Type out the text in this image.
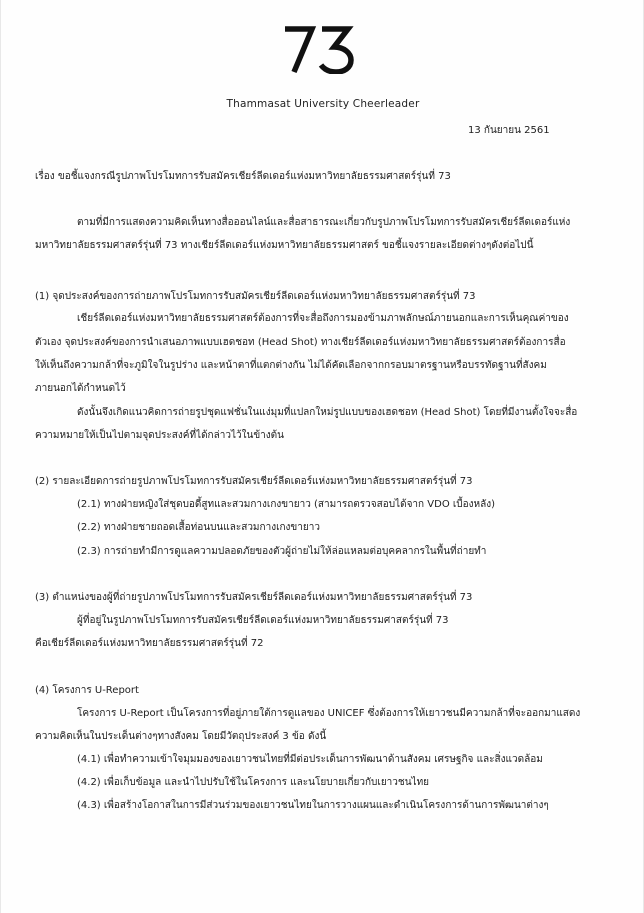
Thammasat University Cheerleader
13 กันยายน 2561
เรื่อง ขอชี้แจงกรณีรูปภาพโปรโมทการรับสมัครเชียร์ลีดเดอร์แห่งมหาวิทยาลัยธรรมศาสตร์รุ่นที่ 73
ตามที่มีการแสดงความคิดเห็นทางสื่อออนไลน์และสื่อสาธารณะเกี่ยวกับรูปภาพโปรโมทการรับสมัครเชียร์ลีดเดอร์แห่ง
มหาวิทยาลัยธรรมศาสตร์รุ่นที่ 73 ทางเชียร์ลีดเดอร์แห่งมหาวิทยาลัยธรรมศาสตร์ ขอชี้แจงรายละเอียดต่างๆดังต่อไปนี้
(1) จุดประสงค์ของการถ่ายภาพโปรโมทการรับสมัครเชียร์ลีดเดอร์แห่งมหาวิทยาลัยธรรมศาสตร์รุ่นที่ 73
เชียร์ลีดเดอร์แห่งมหาวิทยาลัยธรรมศาสตร์ต้องการที่จะสื่อถึงการมองข้ามภาพลักษณ์ภายนอกและการเห็นคุณค่าของ
ตัวเอง จุดประสงค์ของการนำเสนอภาพแบบเฮดชอท (Head Shot) ทางเชียร์ลีดเดอร์แห่งมหาวิทยาลัยธรรมศาสตร์ต้องการสื่อ
ให้เห็นถึงความกล้าที่จะภูมิใจในรูปร่าง และหน้าตาที่แตกต่างกัน ไม่ได้คัดเลือกจากกรอบมาตรฐานหรือบรรทัดฐานที่สังคม
ภายนอกได้กำหนดไว้
ดังนั้นจึงเกิดแนวคิดการถ่ายรูปชุดแฟชั่นในแง่มุมที่แปลกใหม่รูปแบบของเฮดชอท (Head Shot) โดยที่มีงานตั้งใจจะสื่อ
ความหมายให้เป็นไปตามจุดประสงค์ที่ได้กล่าวไว้ในข้างต้น
(2) รายละเอียดการถ่ายรูปภาพโปรโมทการรับสมัครเชียร์ลีดเดอร์แห่งมหาวิทยาลัยธรรมศาสตร์รุ่นที่ 73
(2.1) ทางฝ่ายหญิงใส่ชุดบอดี้สูทและสวมกางเกงขายาว (สามารถตรวจสอบได้จาก VDO เบื้องหลัง)
(2.2) ทางฝ่ายชายถอดเสื้อท่อนบนและสวมกางเกงขายาว
(2.3) การถ่ายทำมีการดูแลความปลอดภัยของตัวผู้ถ่ายไม่ให้ล่อแหลมต่อบุคคลากรในพื้นที่ถ่ายทำ
(3) ตำแหน่งของผู้ที่ถ่ายรูปภาพโปรโมทการรับสมัครเชียร์ลีดเดอร์แห่งมหาวิทยาลัยธรรมศาสตร์รุ่นที่ 73
ผู้ที่อยู่ในรูปภาพโปรโมทการรับสมัครเชียร์ลีดเดอร์แห่งมหาวิทยาลัยธรรมศาสตร์รุ่นที่ 73
คือเชียร์ลีดเดอร์แห่งมหาวิทยาลัยธรรมศาสตร์รุ่นที่ 72
(4) โครงการ U-Report
โครงการ U-Report เป็นโครงการที่อยู่ภายใต้การดูแลของ UNICEF ซึ่งต้องการให้เยาวชนมีความกล้าที่จะออกมาแสดง
ความคิดเห็นในประเด็นต่างๆทางสังคม โดยมีวัตถุประสงค์ 3 ข้อ ดังนี้
(4.1) เพื่อทำความเข้าใจมุมมองของเยาวชนไทยที่มีต่อประเด็นการพัฒนาด้านสังคม เศรษฐกิจ และสิ่งแวดล้อม
(4.2) เพื่อเก็บข้อมูล และนำไปปรับใช้ในโครงการ และนโยบายเกี่ยวกับเยาวชนไทย
(4.3) เพื่อสร้างโอกาสในการมีส่วนร่วมของเยาวชนไทยในการวางแผนและดำเนินโครงการด้านการพัฒนาต่างๆ
